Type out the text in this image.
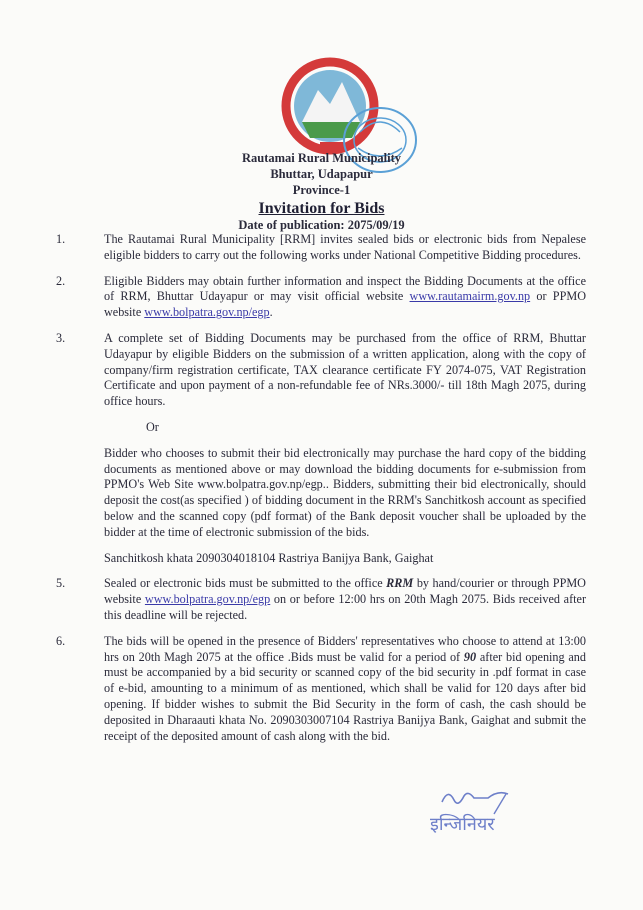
Rautamai Rural Municipality
Bhuttar, Udapapur
Province-1
Invitation for Bids
Date of publication: 2075/09/19
1.	The Rautamai Rural Municipality [RRM] invites sealed bids or electronic bids from Nepalese eligible bidders to carry out the following works under National Competitive Bidding procedures.
2.	Eligible Bidders may obtain further information and inspect the Bidding Documents at the office of RRM, Bhuttar Udayapur or may visit official website www.rautamairm.gov.np or PPMO website www.bolpatra.gov.np/egp.
3.	A complete set of Bidding Documents may be purchased from the office of RRM, Bhuttar Udayapur by eligible Bidders on the submission of a written application, along with the copy of company/firm registration certificate, TAX clearance certificate FY 2074-075, VAT Registration Certificate and upon payment of a non-refundable fee of NRs.3000/- till 18th Magh 2075, during office hours.
Or
Bidder who chooses to submit their bid electronically may purchase the hard copy of the bidding documents as mentioned above or may download the bidding documents for e-submission from PPMO's Web Site www.bolpatra.gov.np/egp.. Bidders, submitting their bid electronically, should deposit the cost(as specified ) of bidding document in the RRM's Sanchitkosh account as specified below and the scanned copy (pdf format) of the Bank deposit voucher shall be uploaded by the bidder at the time of electronic submission of the bids.
Sanchitkosh khata 2090304018104 Rastriya Banijya Bank, Gaighat
5.	Sealed or electronic bids must be submitted to the office RRM by hand/courier or through PPMO website www.bolpatra.gov.np/egp on or before 12:00 hrs on 20th Magh 2075. Bids received after this deadline will be rejected.
6.	The bids will be opened in the presence of Bidders' representatives who choose to attend at 13:00 hrs on 20th Magh 2075 at the office .Bids must be valid for a period of 90 after bid opening and must be accompanied by a bid security or scanned copy of the bid security in .pdf format in case of e-bid, amounting to a minimum of as mentioned, which shall be valid for 120 days after bid opening. If bidder wishes to submit the Bid Security in the form of cash, the cash should be deposited in Dharaauti khata No. 2090303007104 Rastriya Banijya Bank, Gaighat and submit the receipt of the deposited amount of cash along with the bid.
इन्जिनियर
